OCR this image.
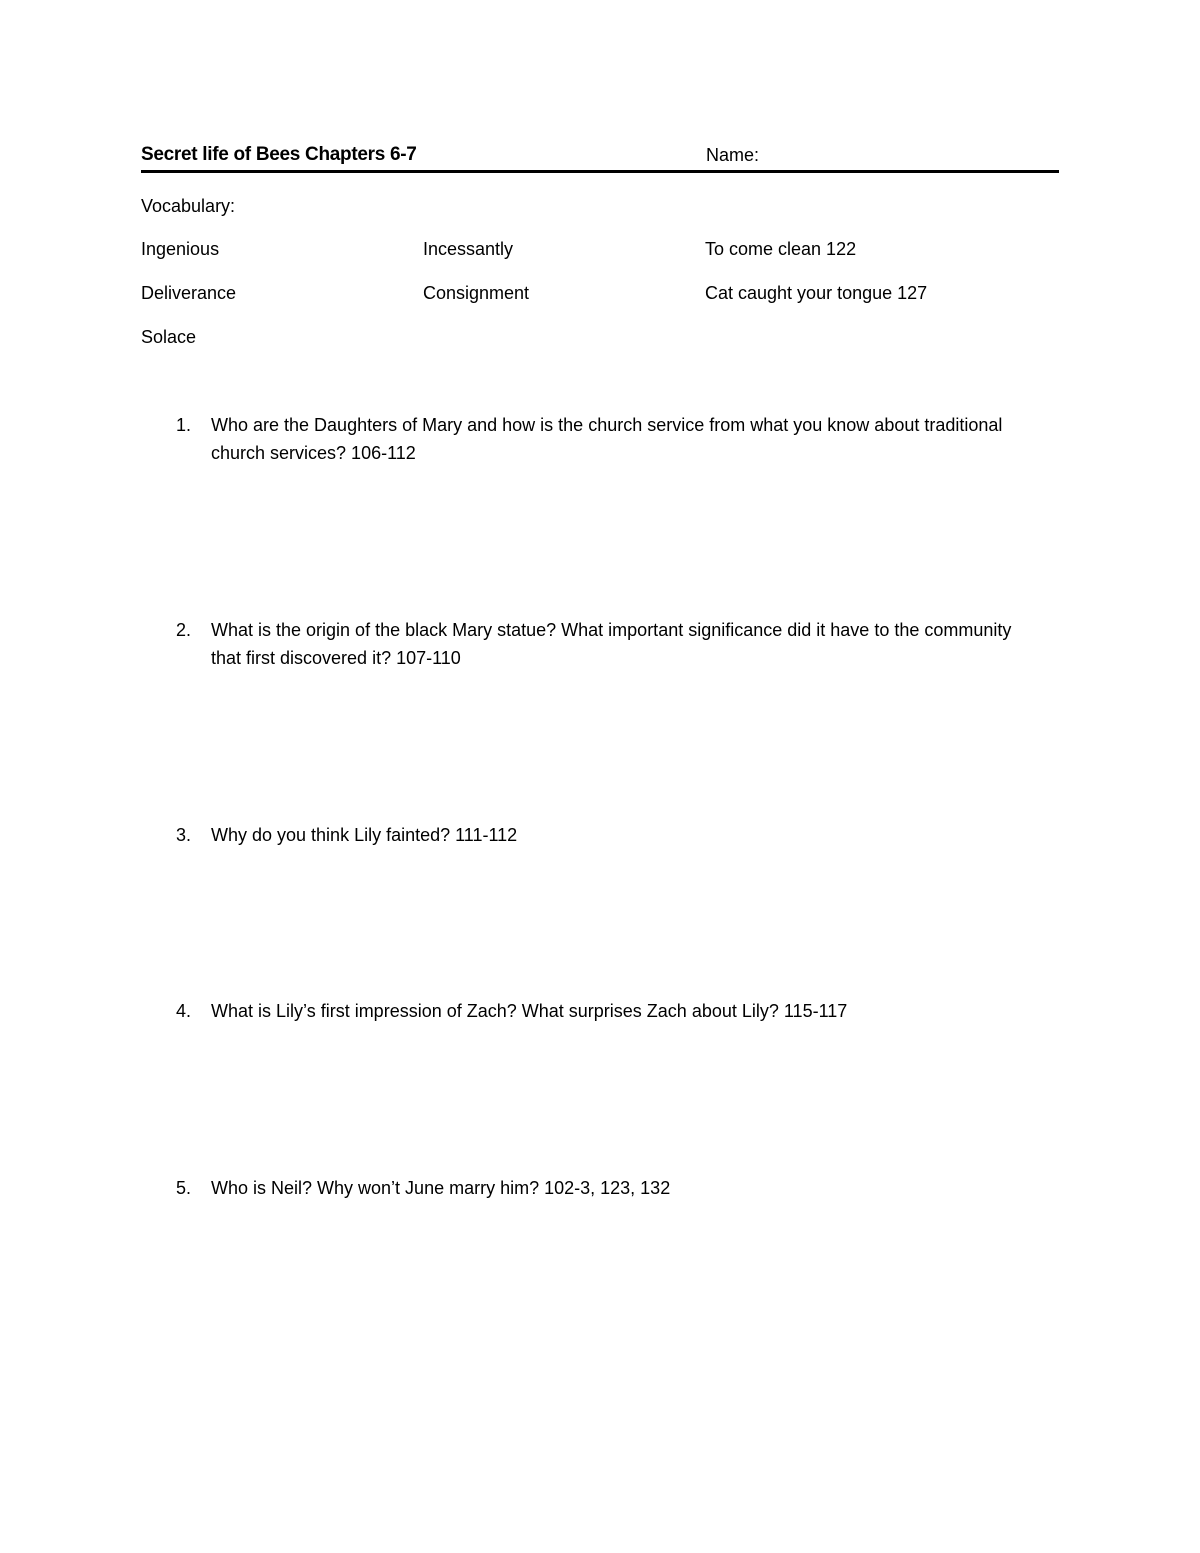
Secret life of Bees Chapters 6-7	Name:
Vocabulary:
Ingenious	Incessantly	To come clean 122
Deliverance	Consignment	Cat caught your tongue 127
Solace
1.	Who are the Daughters of Mary and how is the church service from what you know about traditional church services? 106-112
2.	What is the origin of the black Mary statue? What important significance did it have to the community that first discovered it? 107-110
3.	Why do you think Lily fainted? 111-112
4.	What is Lily’s first impression of Zach? What surprises Zach about Lily? 115-117
5.	Who is Neil? Why won’t June marry him? 102-3, 123, 132
